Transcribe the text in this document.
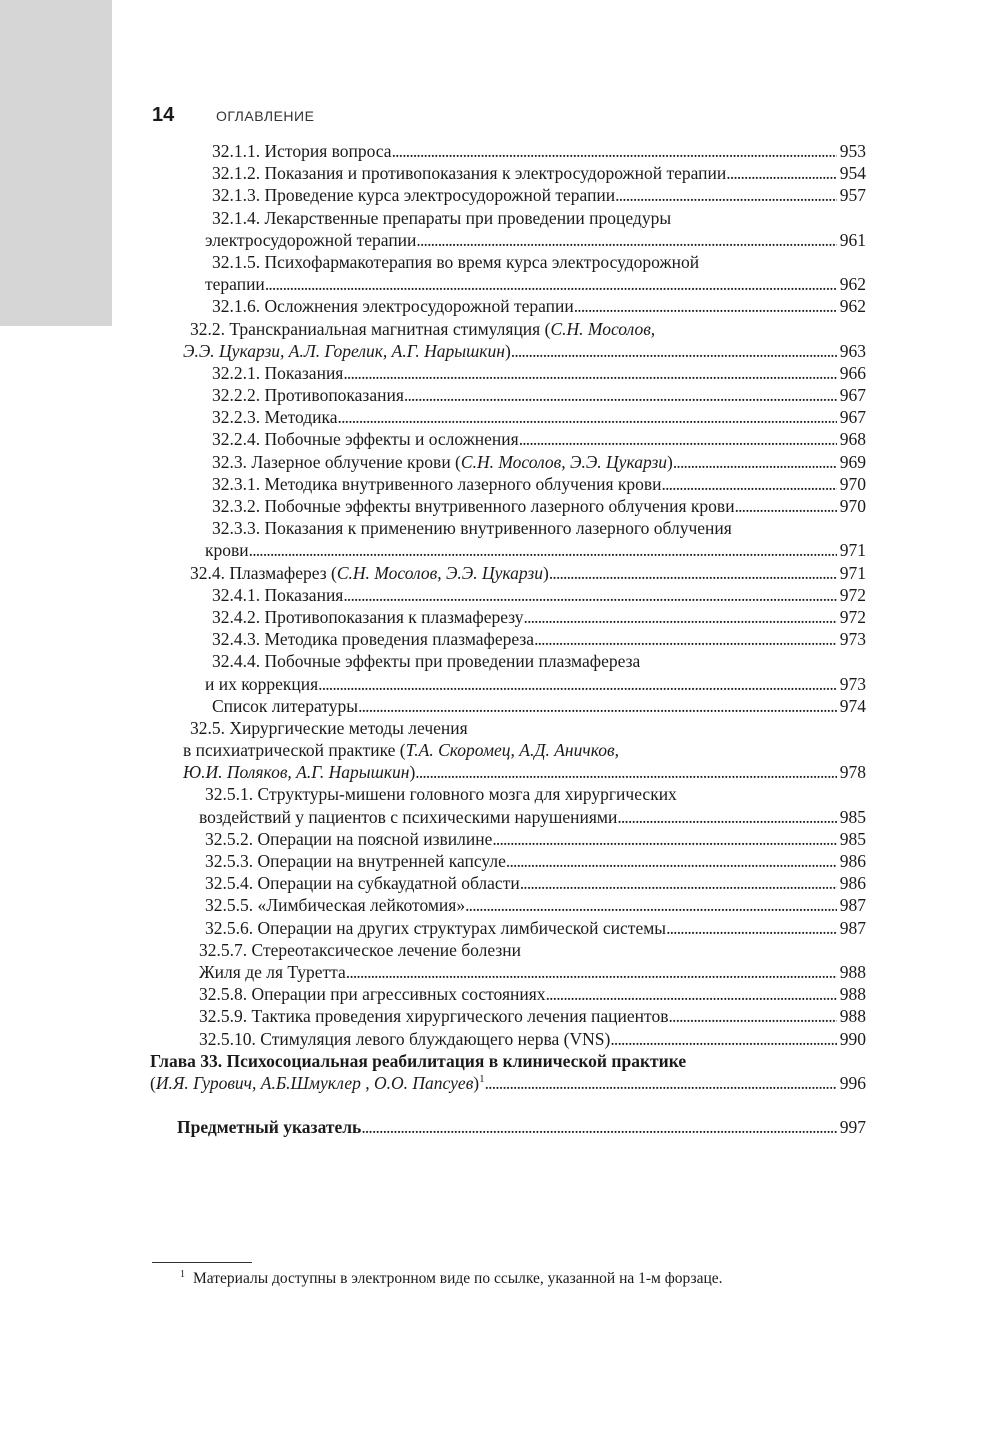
14	ОГЛАВЛЕНИЕ
32.1.1. История вопроса . . .	953
32.1.2. Показания и противопоказания к электросудорожной терапии . . .	954
32.1.3. Проведение курса электросудорожной терапии . . .	957
32.1.4. Лекарственные препараты при проведении процедуры
электросудорожной терапии . . .	961
32.1.5. Психофармакотерапия во время курса электросудорожной
терапии . . .	962
32.1.6. Осложнения электросудорожной терапии . . .	962
32.2. Транскраниальная магнитная стимуляция (С.Н. Мосолов,
Э.Э. Цукарзи, А.Л. Горелик, А.Г. Нарышкин) . . .	963
32.2.1. Показания . . .	966
32.2.2. Противопоказания . . .	967
32.2.3. Методика . . .	967
32.2.4. Побочные эффекты и осложнения . . .	968
32.3. Лазерное облучение крови (С.Н. Мосолов, Э.Э. Цукарзи) . . .	969
32.3.1. Методика внутривенного лазерного облучения крови . . .	970
32.3.2. Побочные эффекты внутривенного лазерного облучения крови . . .	970
32.3.3. Показания к применению внутривенного лазерного облучения
крови . . .	971
32.4. Плазмаферез (С.Н. Мосолов, Э.Э. Цукарзи) . . .	971
32.4.1. Показания . . .	972
32.4.2. Противопоказания к плазмаферезу . . .	972
32.4.3. Методика проведения плазмафереза . . .	973
32.4.4. Побочные эффекты при проведении плазмафереза
и их коррекция . . .	973
Список литературы . . .	974
32.5. Хирургические методы лечения
в психиатрической практике (Т.А. Скоромец, А.Д. Аничков,
Ю.И. Поляков, А.Г. Нарышкин) . . .	978
32.5.1. Структуры-мишени головного мозга для хирургических
воздействий у пациентов с психическими нарушениями . . .	985
32.5.2. Операции на поясной извилине . . .	985
32.5.3. Операции на внутренней капсуле . . .	986
32.5.4. Операции на субкаудатной области . . .	986
32.5.5. «Лимбическая лейкотомия» . . .	987
32.5.6. Операции на других структурах лимбической системы . . .	987
32.5.7. Стереотаксическое лечение болезни
Жиля де ля Туретта . . .	988
32.5.8. Операции при агрессивных состояниях . . .	988
32.5.9. Тактика проведения хирургического лечения пациентов . . .	988
32.5.10. Стимуляция левого блуждающего нерва (VNS) . . .	990
Глава 33. Психосоциальная реабилитация в клинической практике
(И.Я. Гурович, А.Б.Шмуклер , О.О. Папсуев)$^1$ . . .	996
Предметный указатель . . .	997
$^1$ Материалы доступны в электронном виде по ссылке, указанной на 1-м форзаце.
